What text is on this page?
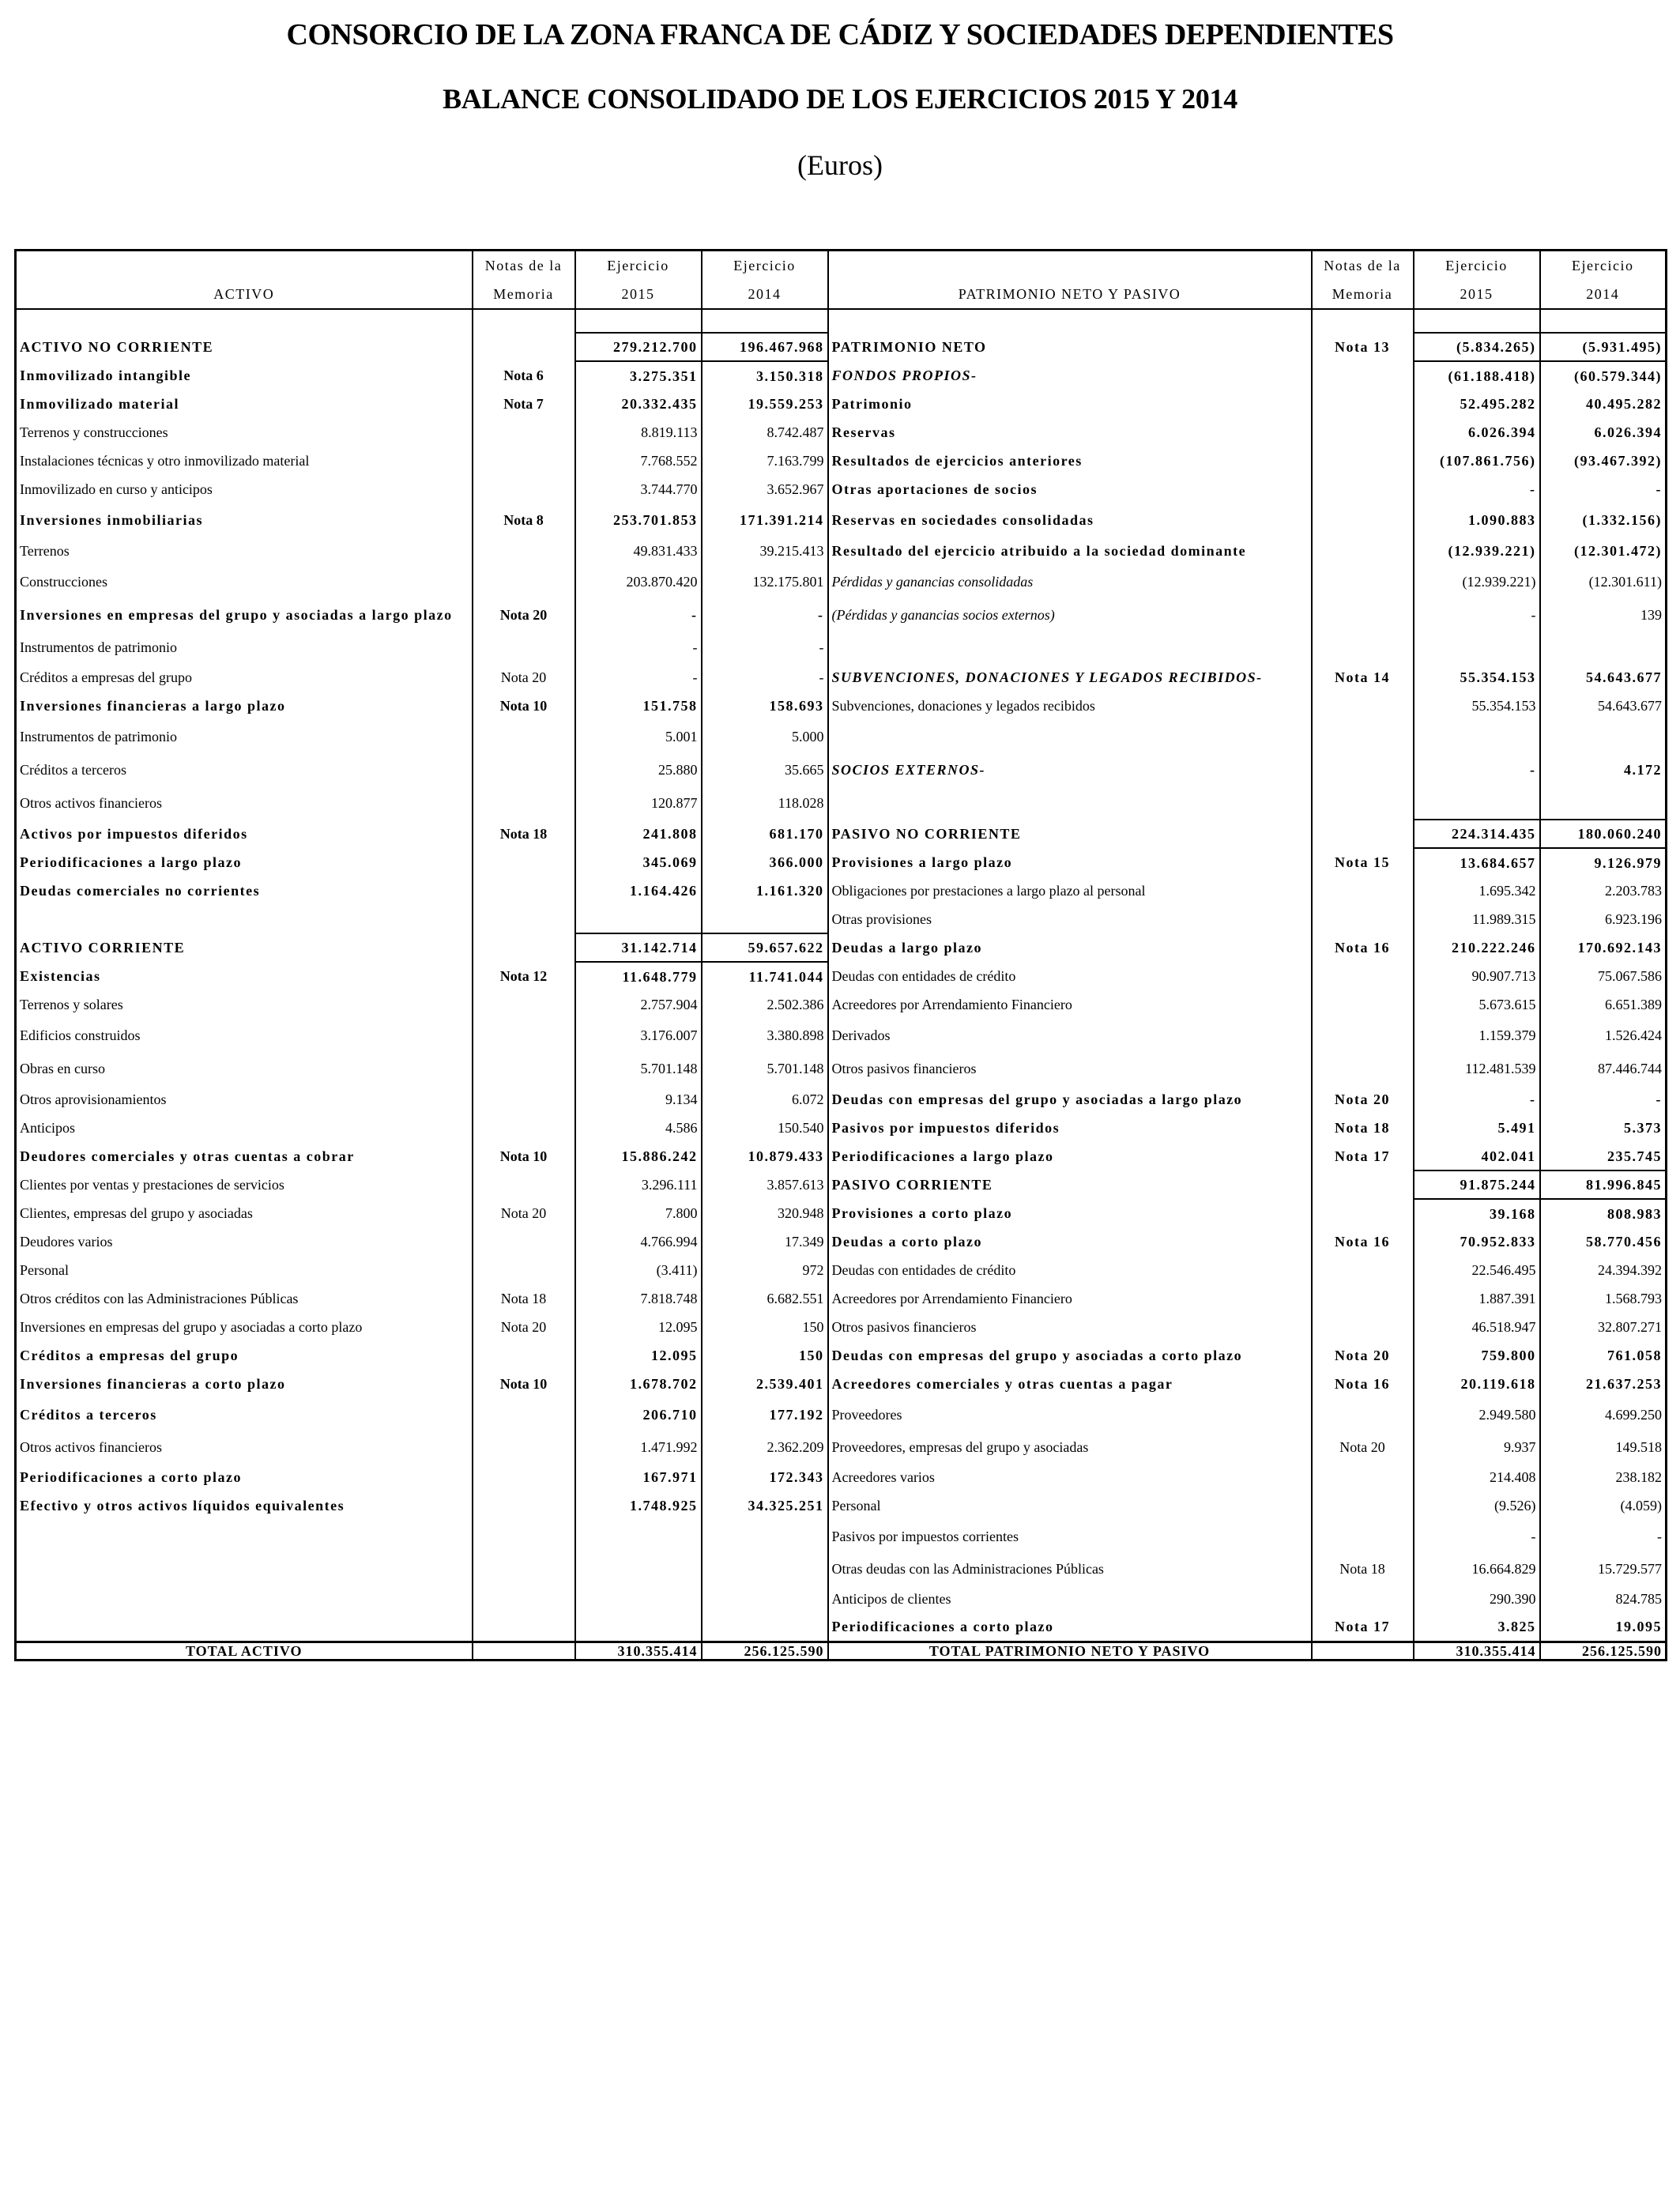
CONSORCIO DE LA ZONA FRANCA DE CÁDIZ Y SOCIEDADES DEPENDIENTES
BALANCE CONSOLIDADO DE LOS EJERCICIOS 2015 Y 2014
(Euros)
	Notas de la	Ejercicio	Ejercicio		Notas de la	Ejercicio	Ejercicio
ACTIVO	Memoria	2015	2014	PATRIMONIO NETO Y PASIVO	Memoria	2015	2014

ACTIVO NO CORRIENTE		279.212.700	196.467.968	PATRIMONIO NETO	Nota 13	(5.834.265)	(5.931.495)
Inmovilizado intangible	Nota 6	3.275.351	3.150.318	FONDOS PROPIOS-		(61.188.418)	(60.579.344)
Inmovilizado material	Nota 7	20.332.435	19.559.253	Patrimonio		52.495.282	40.495.282
Terrenos y construcciones		8.819.113	8.742.487	Reservas		6.026.394	6.026.394
Instalaciones técnicas y otro inmovilizado material		7.768.552	7.163.799	Resultados de ejercicios anteriores		(107.861.756)	(93.467.392)
Inmovilizado en curso y anticipos		3.744.770	3.652.967	Otras aportaciones de socios		-	-
Inversiones inmobiliarias	Nota 8	253.701.853	171.391.214	Reservas en sociedades consolidadas		1.090.883	(1.332.156)
Terrenos		49.831.433	39.215.413	Resultado del ejercicio atribuido a la sociedad dominante		(12.939.221)	(12.301.472)
Construcciones		203.870.420	132.175.801	Pérdidas y ganancias consolidadas		(12.939.221)	(12.301.611)
Inversiones en empresas del grupo y asociadas a largo plazo	Nota 20	-	-	(Pérdidas y ganancias socios externos)		-	139
Instrumentos de patrimonio		-	-				
Créditos a empresas del grupo	Nota 20	-	-	SUBVENCIONES, DONACIONES Y LEGADOS RECIBIDOS-	Nota 14	55.354.153	54.643.677
Inversiones financieras a largo plazo	Nota 10	151.758	158.693	Subvenciones, donaciones y legados recibidos		55.354.153	54.643.677
Instrumentos de patrimonio		5.001	5.000				
Créditos a terceros		25.880	35.665	SOCIOS EXTERNOS-		-	4.172
Otros activos financieros		120.877	118.028				
Activos por impuestos diferidos	Nota 18	241.808	681.170	PASIVO NO CORRIENTE		224.314.435	180.060.240
Periodificaciones a largo plazo		345.069	366.000	Provisiones a largo plazo	Nota 15	13.684.657	9.126.979
Deudas comerciales no corrientes		1.164.426	1.161.320	Obligaciones por prestaciones a largo plazo al personal		1.695.342	2.203.783
				Otras provisiones		11.989.315	6.923.196
ACTIVO CORRIENTE		31.142.714	59.657.622	Deudas a largo plazo	Nota 16	210.222.246	170.692.143
Existencias	Nota 12	11.648.779	11.741.044	Deudas con entidades de crédito		90.907.713	75.067.586
Terrenos y solares		2.757.904	2.502.386	Acreedores por Arrendamiento Financiero		5.673.615	6.651.389
Edificios construidos		3.176.007	3.380.898	Derivados		1.159.379	1.526.424
Obras en curso		5.701.148	5.701.148	Otros pasivos financieros		112.481.539	87.446.744
Otros aprovisionamientos		9.134	6.072	Deudas con empresas del grupo y asociadas a largo plazo	Nota 20	-	-
Anticipos		4.586	150.540	Pasivos por impuestos diferidos	Nota 18	5.491	5.373
Deudores comerciales y otras cuentas a cobrar	Nota 10	15.886.242	10.879.433	Periodificaciones a largo plazo	Nota 17	402.041	235.745
Clientes por ventas y prestaciones de servicios		3.296.111	3.857.613	PASIVO CORRIENTE		91.875.244	81.996.845
Clientes, empresas del grupo y asociadas	Nota 20	7.800	320.948	Provisiones a corto plazo		39.168	808.983
Deudores varios		4.766.994	17.349	Deudas a corto plazo	Nota 16	70.952.833	58.770.456
Personal		(3.411)	972	Deudas con entidades de crédito		22.546.495	24.394.392
Otros créditos con las Administraciones Públicas	Nota 18	7.818.748	6.682.551	Acreedores por Arrendamiento Financiero		1.887.391	1.568.793
Inversiones en empresas del grupo y asociadas a corto plazo	Nota 20	12.095	150	Otros pasivos financieros		46.518.947	32.807.271
Créditos a empresas del grupo		12.095	150	Deudas con empresas del grupo y asociadas a corto plazo	Nota 20	759.800	761.058
Inversiones financieras a corto plazo	Nota 10	1.678.702	2.539.401	Acreedores comerciales y otras cuentas a pagar	Nota 16	20.119.618	21.637.253
Créditos a terceros		206.710	177.192	Proveedores		2.949.580	4.699.250
Otros activos financieros		1.471.992	2.362.209	Proveedores, empresas del grupo y asociadas	Nota 20	9.937	149.518
Periodificaciones a corto plazo		167.971	172.343	Acreedores varios		214.408	238.182
Efectivo y otros activos líquidos equivalentes		1.748.925	34.325.251	Personal		(9.526)	(4.059)
				Pasivos por impuestos corrientes		-	-
				Otras deudas con las Administraciones Públicas	Nota 18	16.664.829	15.729.577
				Anticipos de clientes		290.390	824.785
				Periodificaciones a corto plazo	Nota 17	3.825	19.095
TOTAL ACTIVO		310.355.414	256.125.590	TOTAL PATRIMONIO NETO Y PASIVO		310.355.414	256.125.590
